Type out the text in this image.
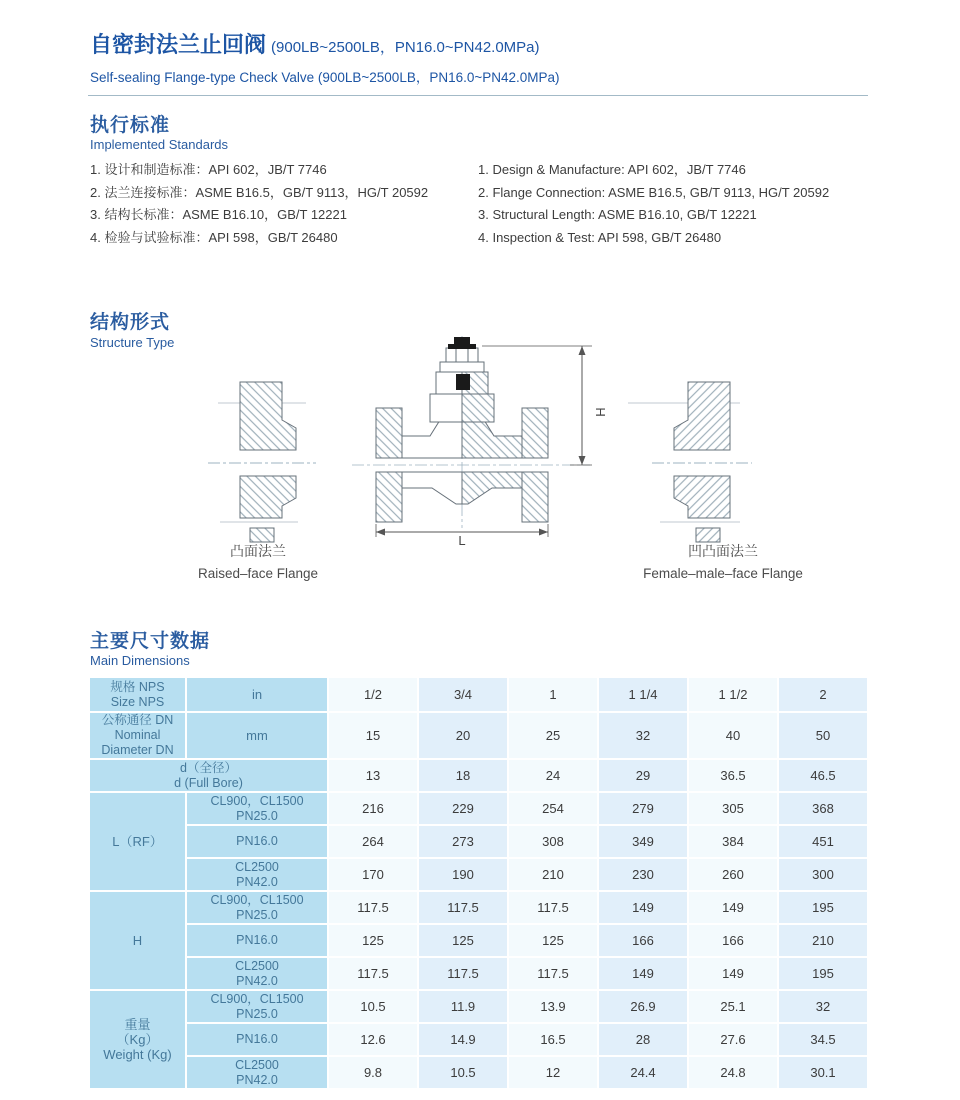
自密封法兰止回阀 (900LB~2500LB，PN16.0~PN42.0MPa)
Self-sealing Flange-type Check Valve (900LB~2500LB，PN16.0~PN42.0MPa)
执行标准
Implemented Standards
1. 设计和制造标准：API 602，JB/T 7746
2. 法兰连接标准：ASME B16.5，GB/T 9113，HG/T 20592
3. 结构长标准：ASME B16.10，GB/T 12221
4. 检验与试验标准：API 598，GB/T 26480
1. Design & Manufacture: API 602，JB/T 7746
2. Flange Connection: ASME B16.5, GB/T 9113, HG/T 20592
3. Structural Length: ASME B16.10, GB/T 12221
4. Inspection & Test: API 598, GB/T 26480
结构形式
Structure Type
H
L
凸面法兰
Raised–face Flange
凹凸面法兰
Female–male–face Flange
主要尺寸数据
Main Dimensions
规格 NPS
Size NPS	in	1/2	3/4	1	1 1/4	1 1/2	2
公称通径 DN
Nominal Diameter DN	mm	15	20	25	32	40	50
d（全径）
d (Full Bore)		13	18	24	29	36.5	46.5
L（RF）	CL900，CL1500
PN25.0	216	229	254	279	305	368
	PN16.0	264	273	308	349	384	451
	CL2500
PN42.0	170	190	210	230	260	300
H	CL900，CL1500
PN25.0	117.5	117.5	117.5	149	149	195
	PN16.0	125	125	125	166	166	210
	CL2500
PN42.0	117.5	117.5	117.5	149	149	195
重量
（Kg）
Weight (Kg)	CL900，CL1500
PN25.0	10.5	11.9	13.9	26.9	25.1	32
	PN16.0	12.6	14.9	16.5	28	27.6	34.5
	CL2500
PN42.0	9.8	10.5	12	24.4	24.8	30.1
